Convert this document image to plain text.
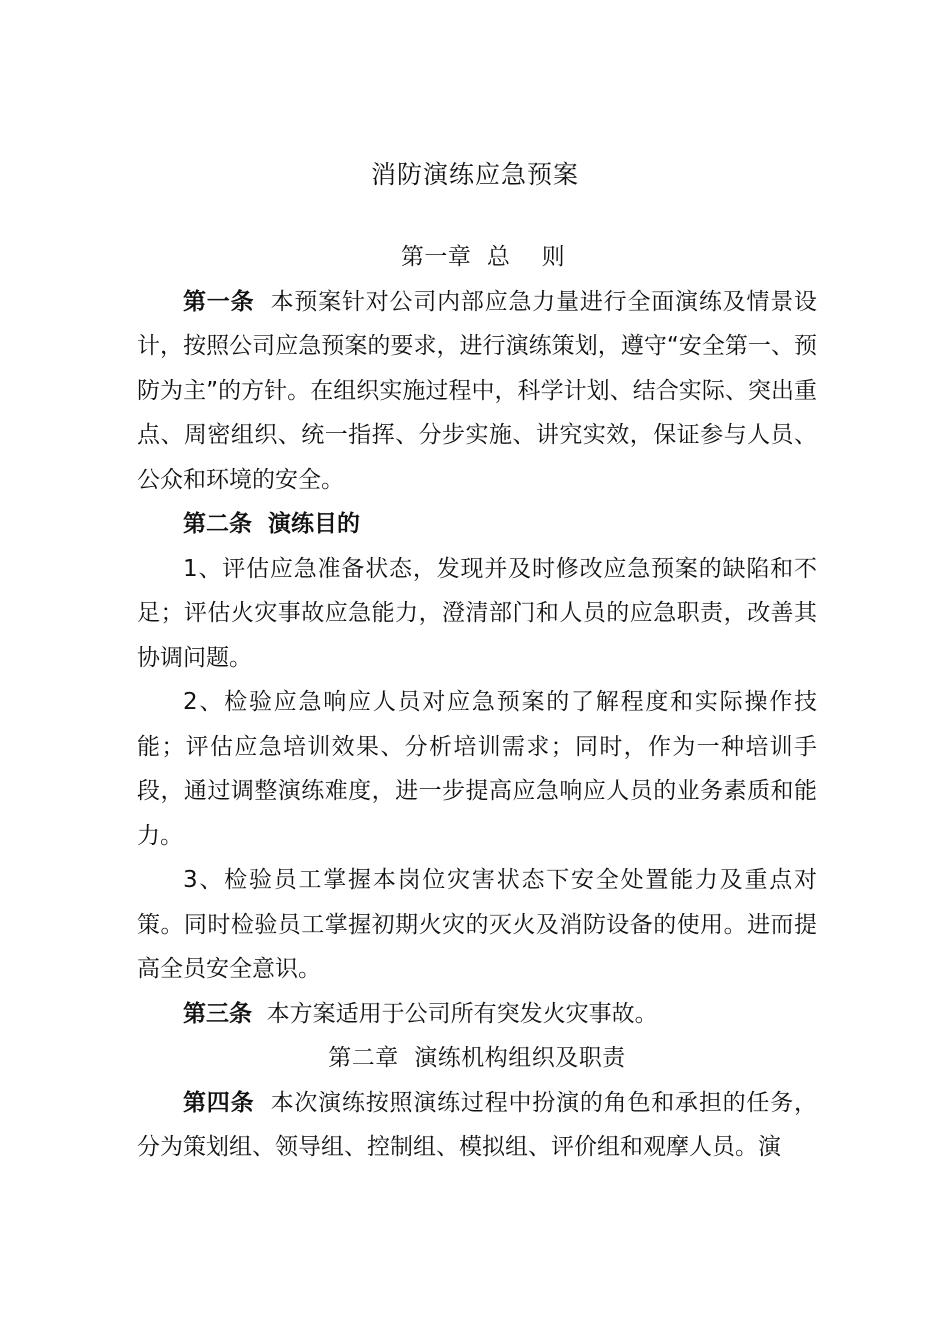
消防演练应急预案

第一章  总    则

第一条 本预案针对公司内部应急力量进行全面演练及情景设计，按照公司应急预案的要求，进行演练策划，遵守“安全第一、预防为主”的方针。在组织实施过程中，科学计划、结合实际、突出重点、周密组织、统一指挥、分步实施、讲究实效，保证参与人员、公众和环境的安全。

第二条  演练目的

1、评估应急准备状态，发现并及时修改应急预案的缺陷和不足；评估火灾事故应急能力，澄清部门和人员的应急职责，改善其协调问题。

2、检验应急响应人员对应急预案的了解程度和实际操作技能；评估应急培训效果、分析培训需求；同时，作为一种培训手段，通过调整演练难度，进一步提高应急响应人员的业务素质和能力。

3、检验员工掌握本岗位灾害状态下安全处置能力及重点对策。同时检验员工掌握初期火灾的灭火及消防设备的使用。进而提高全员安全意识。

第三条 本方案适用于公司所有突发火灾事故。

第二章  演练机构组织及职责

第四条 本次演练按照演练过程中扮演的角色和承担的任务，分为策划组、领导组、控制组、模拟组、评价组和观摩人员。演
